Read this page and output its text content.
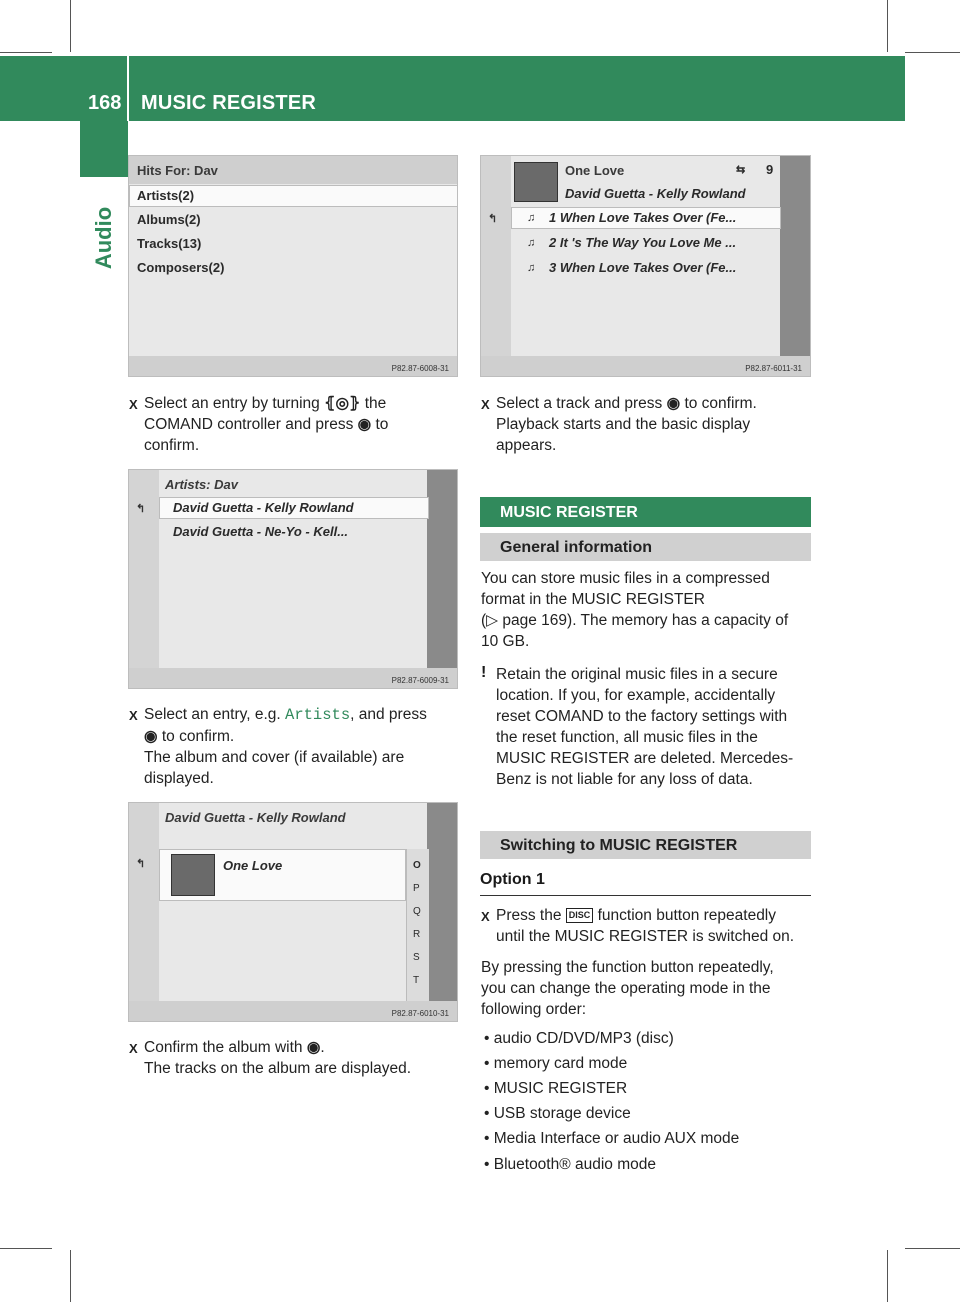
168 MUSIC REGISTER
Audio
Hits For: Dav
Artists(2)
Albums(2)
Tracks(13)
Composers(2)
P82.87-6008-31
X Select an entry by turning ⦃◎⦄ the
COMAND controller and press ◉ to
confirm.
Artists: Dav
↰ David Guetta - Kelly Rowland
David Guetta - Ne-Yo - Kell...
P82.87-6009-31
X Select an entry, e.g. Artists, and press
◉ to confirm.
The album and cover (if available) are
displayed.
David Guetta - Kelly Rowland
↰	One Love	O
P
Q
R
S
T
P82.87-6010-31
X Confirm the album with ◉.
The tracks on the album are displayed.
One Love
David Guetta - Kelly Rowland
⇆ 9
↰	♫ 1 When Love Takes Over (Fe...
♫ 2 It 's The Way You Love Me ...
♫ 3 When Love Takes Over (Fe...
P82.87-6011-31
X Select a track and press ◉ to confirm.
Playback starts and the basic display
appears.
MUSIC REGISTER
General information
You can store music files in a compressed
format in the MUSIC REGISTER
(▷ page 169). The memory has a capacity of
10 GB.
! Retain the original music files in a secure
location. If you, for example, accidentally
reset COMAND to the factory settings with
the reset function, all music files in the
MUSIC REGISTER are deleted. Mercedes-
Benz is not liable for any loss of data.
Switching to MUSIC REGISTER
Option 1
X Press the DISC function button repeatedly
until the MUSIC REGISTER is switched on.
By pressing the function button repeatedly,
you can change the operating mode in the
following order:
• audio CD/DVD/MP3 (disc)
• memory card mode
• MUSIC REGISTER
• USB storage device
• Media Interface or audio AUX mode
• Bluetooth® audio mode
